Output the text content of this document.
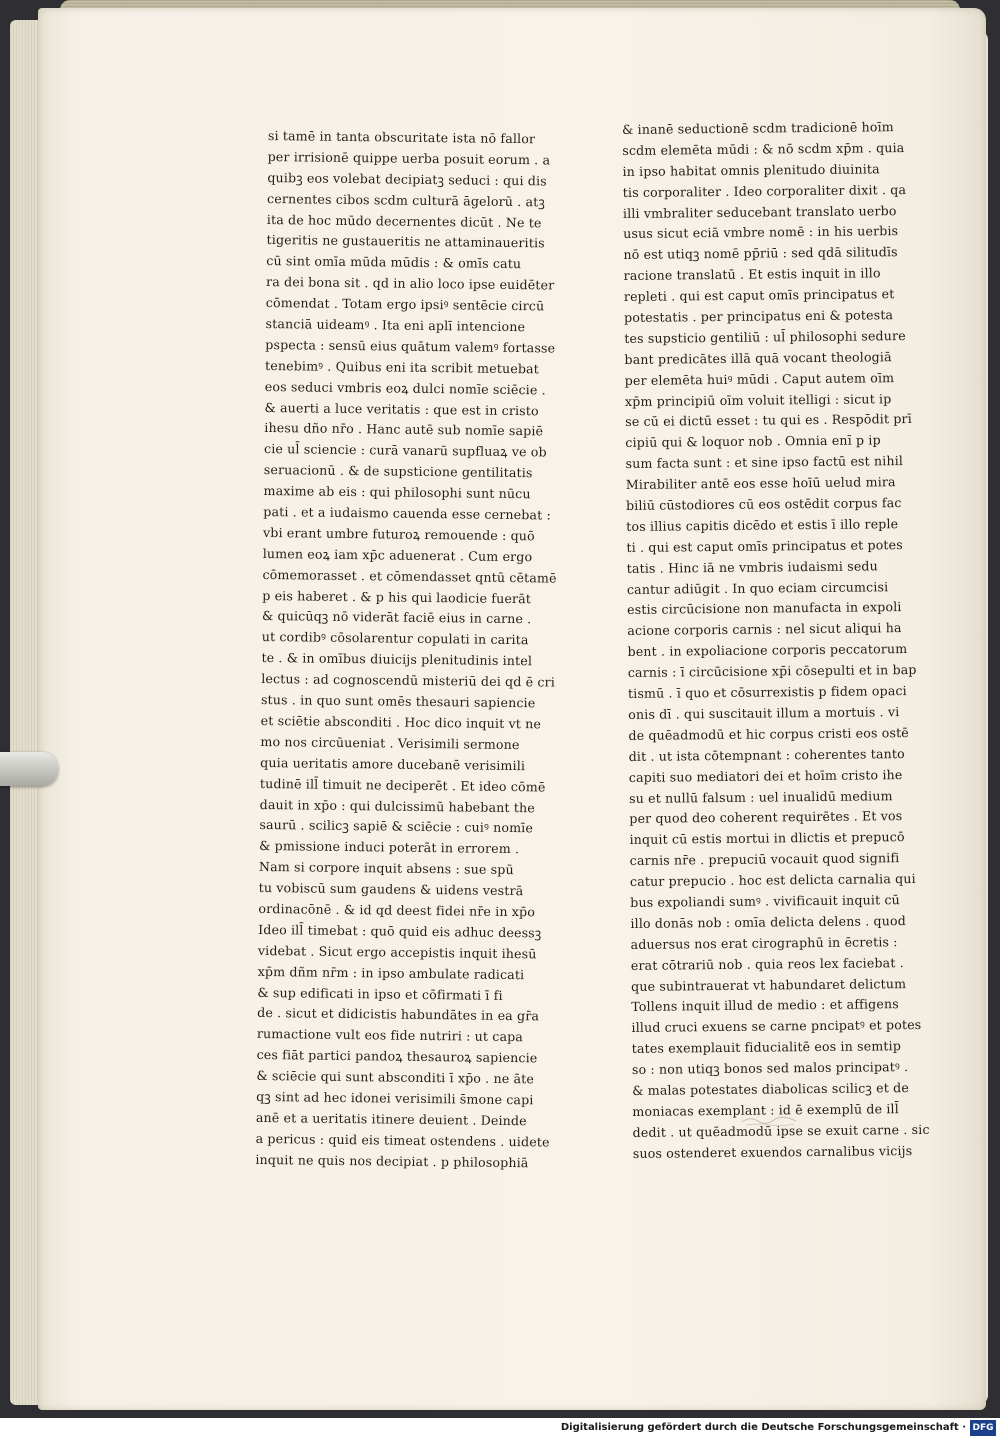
si tamē in tanta obscuritate ista nō fallor
per irrisionē quippe uerba posuit eorum . a
quibꝫ eos volebat decipiatꝫ seduci : qui dis
cernentes cibos scdm culturā āgelorū . atꝫ
ita de hoc mūdo decernentes dicūt . Ne te
tigeritis ne gustaueritis ne attaminaueritis
cū sint omīa mūda mūdis : & omīs catu
ra dei bona sit . qd in alio loco ipse euidēter
cōmendat . Totam ergo ipsiꝰ sentēcie circū
stanciā uideamꝰ . Ita eni aplī intencione
pspecta : sensū eius quātum valemꝰ fortasse
tenebimꝰ . Quibus eni ita scribit metuebat
eos seduci vmbris eoꝝ dulci nomīe sciēcie .
& auerti a luce veritatis : que est in cristo
ihesu dño nr̄o . Hanc autē sub nomīe sapiē
cie ul̄ sciencie : curā vanarū supfluaꝝ ve ob
seruacionū . & de supsticione gentilitatis
maxime ab eis : qui philosophi sunt nūcu
pati . et a iudaismo cauenda esse cernebat :
vbi erant umbre futuroꝝ remouende : quō
lumen eoꝝ iam xp̄c aduenerat . Cum ergo
cōmemorasset . et cōmendasset qntū cētamē
p eis haberet . & p his qui laodicie fuerāt
& quicūqꝫ nō viderāt faciē eius in carne .
ut cordibꝰ cōsolarentur copulati in carita
te . & in omībus diuicijs plenitudinis intel
lectus : ad cognoscendū misteriū dei qd ē cri
stus . in quo sunt omēs thesauri sapiencie
et sciētie absconditi . Hoc dico inquit vt ne
mo nos circūueniat . Verisimili sermone
quia ueritatis amore ducebanē verisimili
tudinē ill̄ timuit ne deciperēt . Et ideo cōmē
dauit in xp̄o : qui dulcissimū habebant the
saurū . scilicꝫ sapiē & sciēcie : cuiꝰ nomīe
& pmissione induci poterāt in errorem .
Nam si corpore inquit absens : sue spū
tu vobiscū sum gaudens & uidens vestrā
ordinacōnē . & id qd deest fidei nr̄e in xp̄o
Ideo ill̄ timebat : quō quid eis adhuc deessꝫ
videbat . Sicut ergo accepistis inquit ihesū
xp̄m dñm nr̄m : in ipso ambulate radicati
& sup edificati in ipso et cōfirmati ī fi
de . sicut et didicistis habundātes in ea gr̄a
rumactione vult eos fide nutriri : ut capa
ces fiāt partici pandoꝝ thesauroꝝ sapiencie
& sciēcie qui sunt absconditi ī xp̄o . ne āte
qꝫ sint ad hec idonei verisimili s̄mone capi
anē et a ueritatis itinere deuient . Deinde
a pericus : quid eis timeat ostendens . uidete
inquit ne quis nos decipiat . p philosophiā
& inanē seductionē scdm tradicionē hoīm
scdm elemēta mūdi : & nō scdm xp̄m . quia
in ipso habitat omnis plenitudo diuinita
tis corporaliter . Ideo corporaliter dixit . qa
illi vmbraliter seducebant translato uerbo
usus sicut eciā vmbre nomē : in his uerbis
nō est utiqꝫ nomē pp̄riū : sed qdā silitudīs
racione translatū . Et estis inquit in illo
repleti . qui est caput omīs principatus et
potestatis . per principatus eni & potesta
tes supsticio gentiliū : ul̄ philosophi sedure
bant predicātes illā quā vocant theologiā
per elemēta huiꝰ mūdi . Caput autem oīm
xp̄m principiū oīm voluit itelligi : sicut ip
se cū ei dictū esset : tu qui es . Respōdit prī
cipiū qui & loquor nob . Omnia enī p ip
sum facta sunt : et sine ipso factū est nihil
Mirabiliter antē eos esse hoīū uelud mira
biliū cūstodiores cū eos ostēdit corpus fac
tos illius capitis dicēdo et estis ī illo reple
ti . qui est caput omīs principatus et potes
tatis . Hinc iā ne vmbris iudaismi sedu
cantur adiūgit . In quo eciam circumcisi
estis circūcisione non manufacta in expoli
acione corporis carnis : nel sicut aliqui ha
bent . in expoliacione corporis peccatorum
carnis : ī circūcisione xp̄i cōsepulti et in bap
tismū . ī quo et cōsurrexistis p fidem opaci
onis dī . qui suscitauit illum a mortuis . vi
de quēadmodū et hic corpus cristi eos ostē
dit . ut ista cōtempnant : coherentes tanto
capiti suo mediatori dei et hoīm cristo ihe
su et nullū falsum : uel inualidū medium
per quod deo coherent requirētes . Et vos
inquit cū estis mortui in dlictis et prepucō
carnis nr̄e . prepuciū vocauit quod signifi
catur prepucio . hoc est delicta carnalia qui
bus expoliandi sumꝰ . vivificauit inquit cū
illo donās nob : omīa delicta delens . quod
aduersus nos erat cirographū in ēcretis :
erat cōtrariū nob . quia reos lex faciebat .
que subintrauerat vt habundaret delictum
Tollens inquit illud de medio : et affigens
illud cruci exuens se carne pncipatꝰ et potes
tates exemplauit fiducialitē eos in semtip
so : non utiqꝫ bonos sed malos principatꝰ .
& malas potestates diabolicas scilicꝫ et de
moniacas exemplant : id ē exemplū de ill̄
dedit . ut quēadmodū ipse se exuit carne . sic
suos ostenderet exuendos carnalibus vicijs
Digitalisierung gefördert durch die Deutsche Forschungsgemeinschaft · DFG
